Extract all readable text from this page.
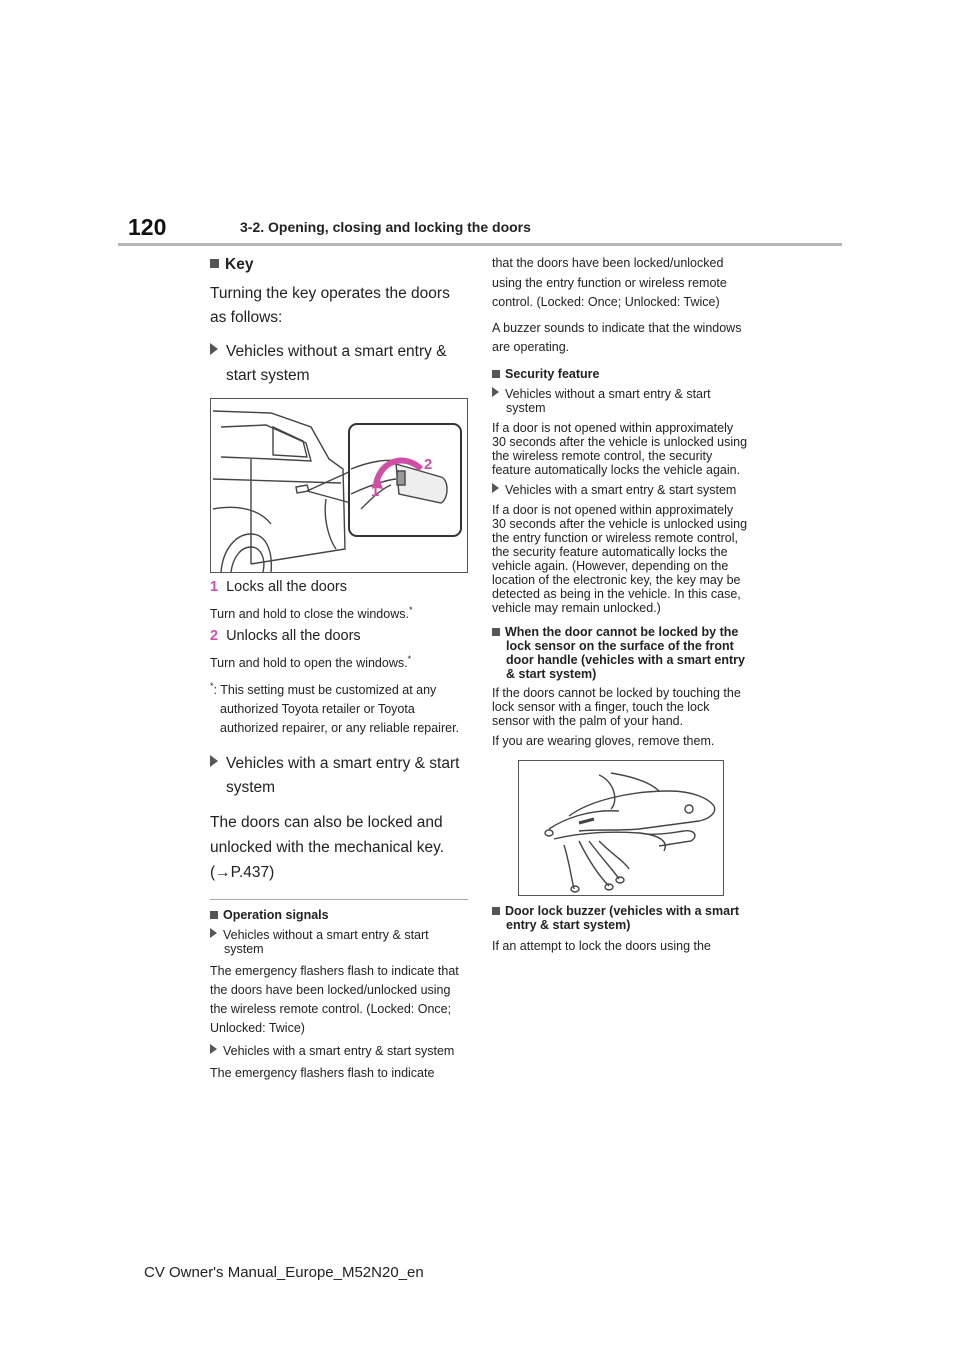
120	3-2. Opening, closing and locking the doors
Key

Turning the key operates the doors as follows:

Vehicles without a smart entry & start system

2
1
1 Locks all the doors

Turn and hold to close the windows.*

2 Unlocks all the doors

Turn and hold to open the windows.*

*: This setting must be customized at any authorized Toyota retailer or Toyota authorized repairer, or any reliable repairer.

Vehicles with a smart entry & start system

The doors can also be locked and unlocked with the mechanical key. (→P.437)

Operation signals

Vehicles without a smart entry & start system

The emergency flashers flash to indicate that the doors have been locked/unlocked using the wireless remote control. (Locked: Once; Unlocked: Twice)

Vehicles with a smart entry & start system

The emergency flashers flash to indicate

that the doors have been locked/unlocked using the entry function or wireless remote control. (Locked: Once; Unlocked: Twice)

A buzzer sounds to indicate that the windows are operating.

Security feature

Vehicles without a smart entry & start system

If a door is not opened within approximately 30 seconds after the vehicle is unlocked using the wireless remote control, the security feature automatically locks the vehicle again.

Vehicles with a smart entry & start system

If a door is not opened within approximately 30 seconds after the vehicle is unlocked using the entry function or wireless remote control, the security feature automatically locks the vehicle again. (However, depending on the location of the electronic key, the key may be detected as being in the vehicle. In this case, vehicle may remain unlocked.)

When the door cannot be locked by the lock sensor on the surface of the front door handle (vehicles with a smart entry & start system)

If the doors cannot be locked by touching the lock sensor with a finger, touch the lock sensor with the palm of your hand.

If you are wearing gloves, remove them.

Door lock buzzer (vehicles with a smart entry & start system)

If an attempt to lock the doors using the

CV Owner's Manual_Europe_M52N20_en
